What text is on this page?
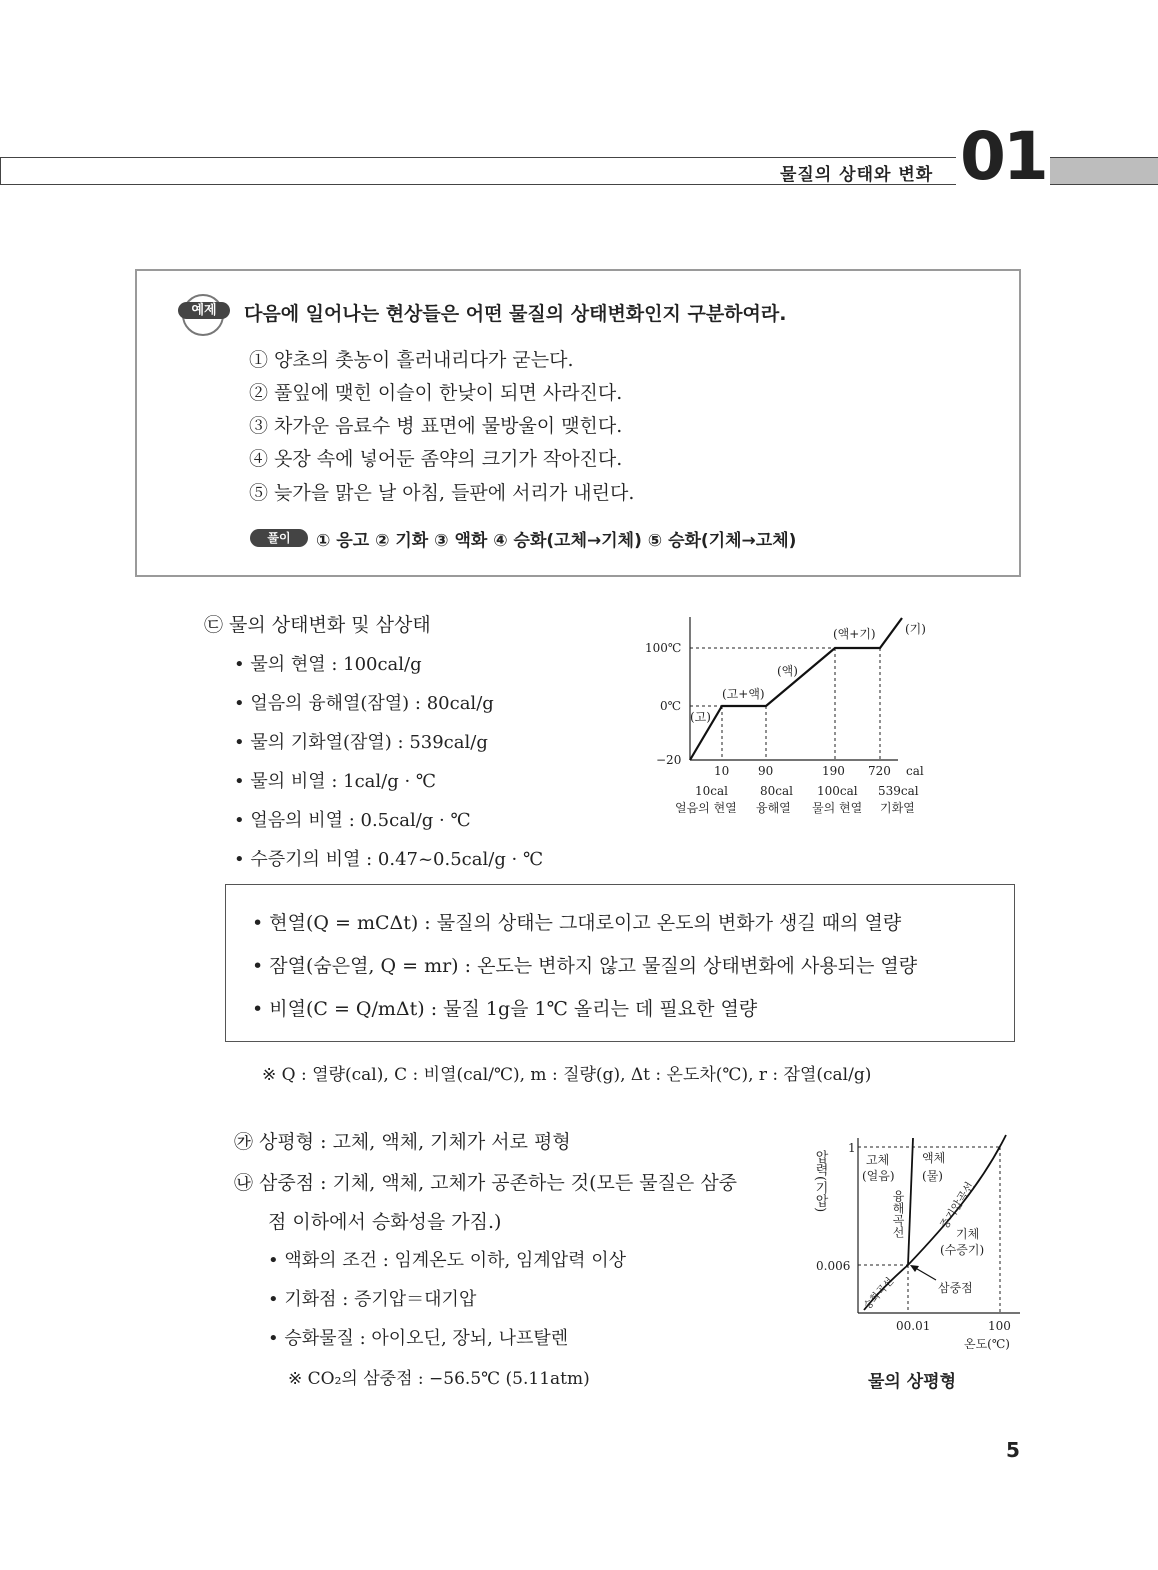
물질의 상태와 변화 01
예제	다음에 일어나는 현상들은 어떤 물질의 상태변화인지 구분하여라.
① 양초의 촛농이 흘러내리다가 굳는다.
② 풀잎에 맺힌 이슬이 한낮이 되면 사라진다.
③ 차가운 음료수 병 표면에 물방울이 맺힌다.
④ 옷장 속에 넣어둔 좀약의 크기가 작아진다.
⑤ 늦가을 맑은 날 아침, 들판에 서리가 내린다.
풀이	① 응고 ② 기화 ③ 액화 ④ 승화(고체→기체) ⑤ 승화(기체→고체)
㉢ 물의 상태변화 및 삼상태
• 물의 현열 : 100cal/g
• 얼음의 융해열(잠열) : 80cal/g
• 물의 기화열(잠열) : 539cal/g
• 물의 비열 : 1cal/g · ℃
• 얼음의 비열 : 0.5cal/g · ℃
• 수증기의 비열 : 0.47~0.5cal/g · ℃
100℃
0℃
−20
10 90	190 720 cal
(고)
(고+액)
(액)
(액+기) (기)
10cal	80cal 100cal 539cal
얼음의 현열 융해열 물의 현열 기화열
• 현열(Q = mCΔt) : 물질의 상태는 그대로이고 온도의 변화가 생길 때의 열량
• 잠열(숨은열, Q = mr) : 온도는 변하지 않고 물질의 상태변화에 사용되는 열량
• 비열(C = Q/mΔt) : 물질 1g을 1℃ 올리는 데 필요한 열량
※ Q : 열량(cal), C : 비열(cal/℃), m : 질량(g), Δt : 온도차(℃), r : 잠열(cal/g)
㉮ 상평형 : 고체, 액체, 기체가 서로 평형
㉯ 삼중점 : 기체, 액체, 고체가 공존하는 것(모든 물질은 삼중
점 이하에서 승화성을 가짐.)
• 액화의 조건 : 임계온도 이하, 임계압력 이상
• 기화점 : 증기압＝대기압
• 승화물질 : 아이오딘, 장뇌, 나프탈렌
※ CO₂의 삼중점 : −56.5℃ (5.11atm)
압력(기압)
1
0.006
00.01	100
온도(℃)
고체
(얼음)
액체
(물)
기체
(수증기)
융해곡선	증기압곡선
승화곡선	삼중점
물의 상평형
5
